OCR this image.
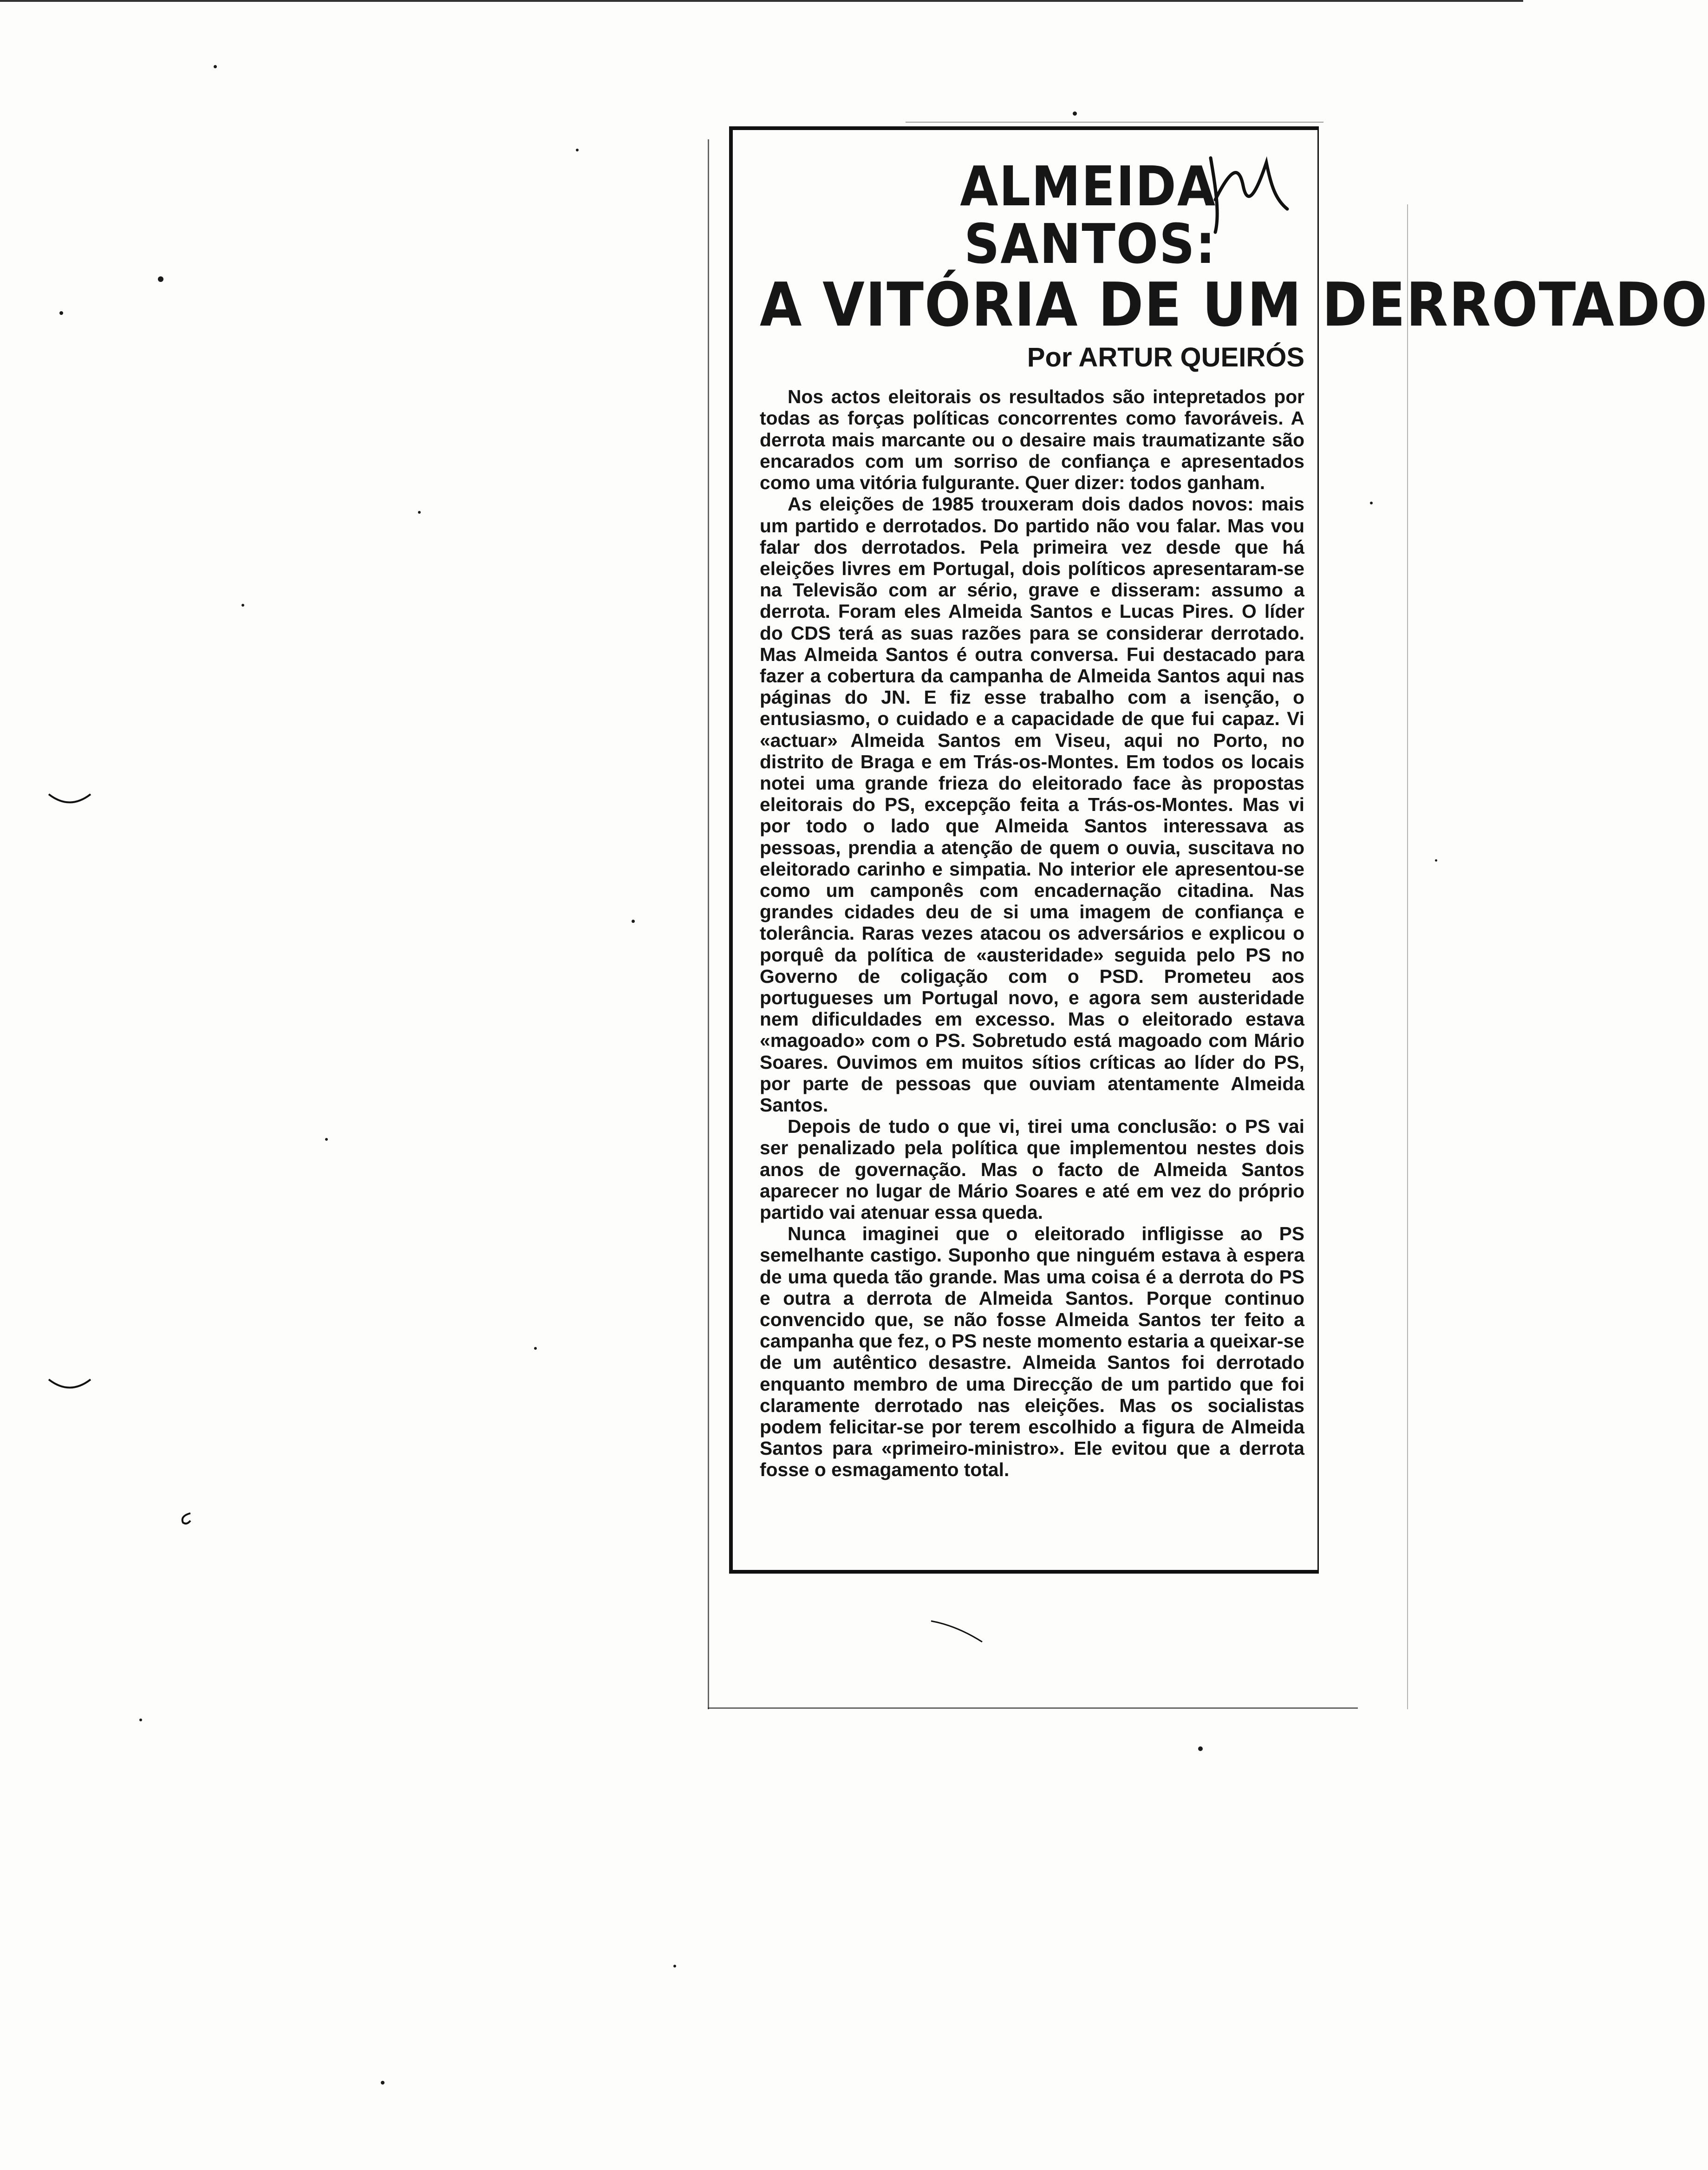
ALMEIDA SANTOS:
A VITÓRIA DE UM DERROTADO
Por ARTUR QUEIRÓS

Nos actos eleitorais os resultados são intepretados por todas as forças políticas concorrentes como favoráveis. A derrota mais marcante ou o desaire mais traumatizante são encarados com um sorriso de confiança e apresentados como uma vitória fulgurante. Quer dizer: todos ganham.

As eleições de 1985 trouxeram dois dados novos: mais um partido e derrotados. Do partido não vou falar. Mas vou falar dos derrotados. Pela primeira vez desde que há eleições livres em Portugal, dois políticos apresentaram-se na Televisão com ar sério, grave e disseram: assumo a derrota. Foram eles Almeida Santos e Lucas Pires. O líder do CDS terá as suas razões para se considerar derrotado. Mas Almeida Santos é outra conversa. Fui destacado para fazer a cobertura da campanha de Almeida Santos aqui nas páginas do JN. E fiz esse trabalho com a isenção, o entusiasmo, o cuidado e a capacidade de que fui capaz. Vi «actuar» Almeida Santos em Viseu, aqui no Porto, no distrito de Braga e em Trás-os-Montes. Em todos os locais notei uma grande frieza do eleitorado face às propostas eleitorais do PS, excepção feita a Trás-os-Montes. Mas vi por todo o lado que Almeida Santos interessava as pessoas, prendia a atenção de quem o ouvia, suscitava no eleitorado carinho e simpatia. No interior ele apresentou-se como um camponês com encadernação citadina. Nas grandes cidades deu de si uma imagem de confiança e tolerância. Raras vezes atacou os adversários e explicou o porquê da política de «austeridade» seguida pelo PS no Governo de coligação com o PSD. Prometeu aos portugueses um Portugal novo, e agora sem austeridade nem dificuldades em excesso. Mas o eleitorado estava «magoado» com o PS. Sobretudo está magoado com Mário Soares. Ouvimos em muitos sítios críticas ao líder do PS, por parte de pessoas que ouviam atentamente Almeida Santos.

Depois de tudo o que vi, tirei uma conclusão: o PS vai ser penalizado pela política que implementou nestes dois anos de governação. Mas o facto de Almeida Santos aparecer no lugar de Mário Soares e até em vez do próprio partido vai atenuar essa queda.

Nunca imaginei que o eleitorado infligisse ao PS semelhante castigo. Suponho que ninguém estava à espera de uma queda tão grande. Mas uma coisa é a derrota do PS e outra a derrota de Almeida Santos. Porque continuo convencido que, se não fosse Almeida Santos ter feito a campanha que fez, o PS neste momento estaria a queixar-se de um autêntico desastre. Almeida Santos foi derrotado enquanto membro de uma Direcção de um partido que foi claramente derrotado nas eleições. Mas os socialistas podem felicitar-se por terem escolhido a figura de Almeida Santos para «primeiro-ministro». Ele evitou que a derrota fosse o esmagamento total.
